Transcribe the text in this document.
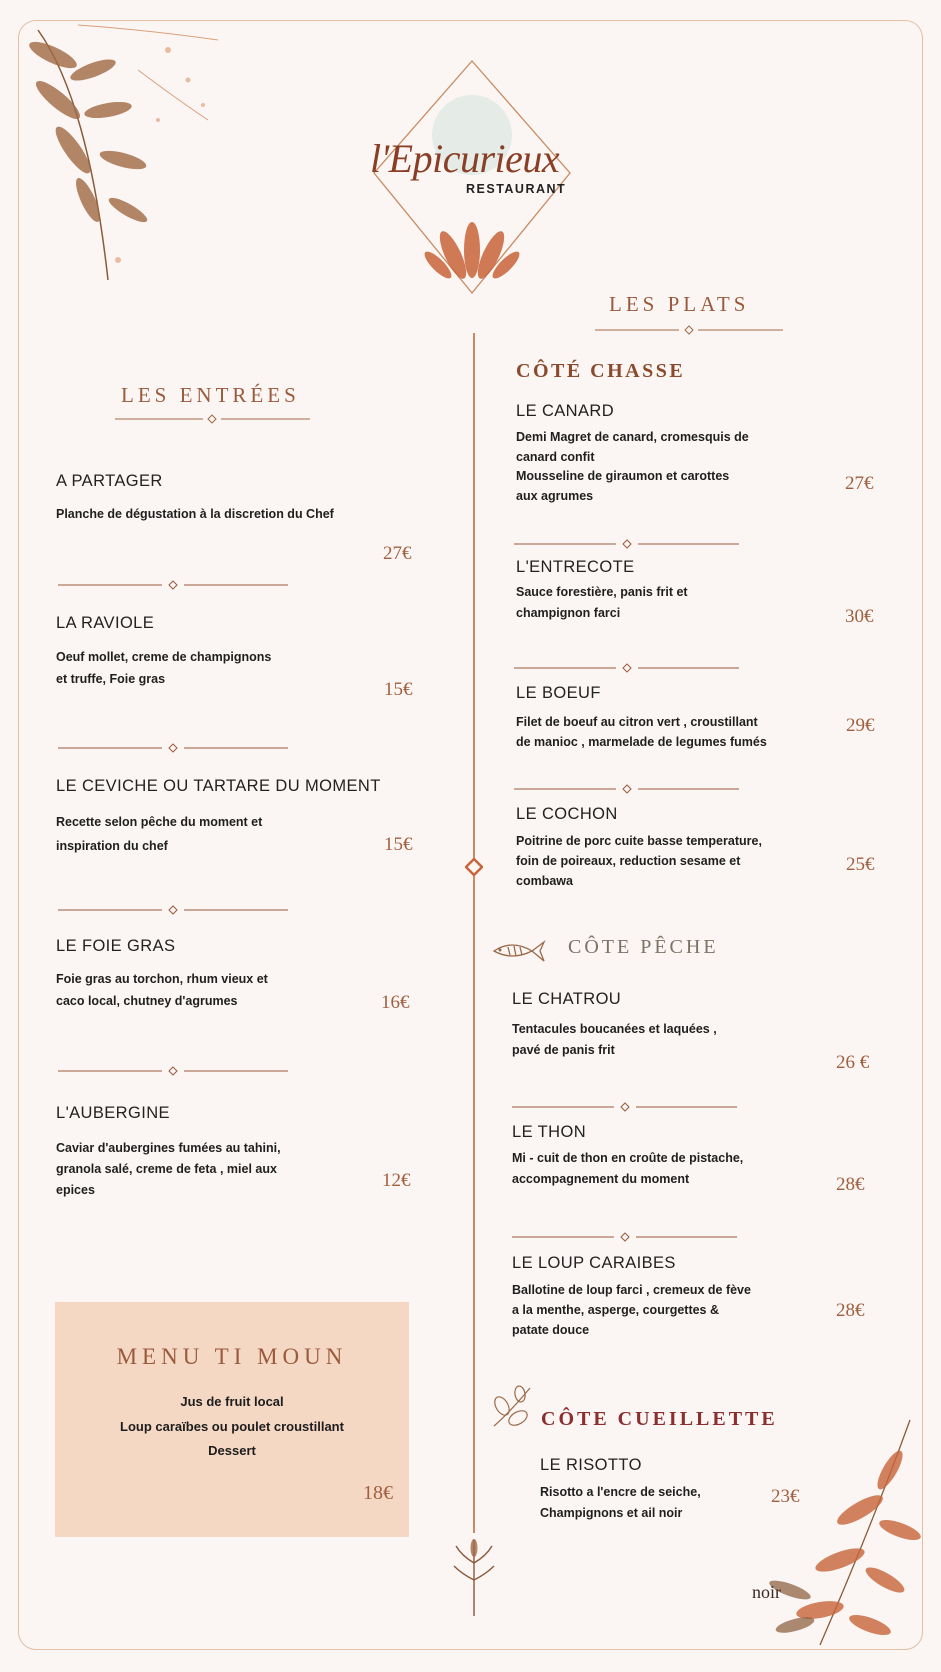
l'Epicurieux
RESTAURANT
LES ENTRÉES
A PARTAGER
Planche de dégustation à la discretion du Chef
27€
LA RAVIOLE
Oeuf mollet, creme de champignons
et truffe, Foie gras	15€
LE CEVICHE OU TARTARE DU MOMENT
Recette selon pêche du moment et
inspiration du chef	15€
LE FOIE GRAS
Foie gras au torchon, rhum vieux et
caco local, chutney d'agrumes	16€
L'AUBERGINE
Caviar d'aubergines fumées au tahini,
granola salé, creme de feta , miel aux
epices	12€
MENU TI MOUN
Jus de fruit local
Loup caraïbes ou poulet croustillant
Dessert
18€
LES PLATS
CÔTÉ CHASSE
LE CANARD
Demi Magret de canard, cromesquis de
canard confit
Mousseline de giraumon et carottes
aux agrumes
27€
L'ENTRECOTE
Sauce forestière, panis frit et
champignon farci	30€
LE BOEUF
Filet de boeuf au citron vert , croustillant
de manioc , marmelade de legumes fumés
29€
LE COCHON
Poitrine de porc cuite basse temperature,
foin de poireaux, reduction sesame et
combawa
25€
CÔTE PÊCHE
LE CHATROU
Tentacules boucanées et laquées ,
pavé de panis frit
26 €
LE THON
Mi - cuit de thon en croûte de pistache,
accompagnement du moment	28€
LE LOUP CARAIBES
Ballotine de loup farci , cremeux de fève
a la menthe, asperge, courgettes &
patate douce
28€
CÔTE CUEILLETTE
LE RISOTTO
Risotto a l'encre de seiche,
Champignons et ail noir
23€
noir
